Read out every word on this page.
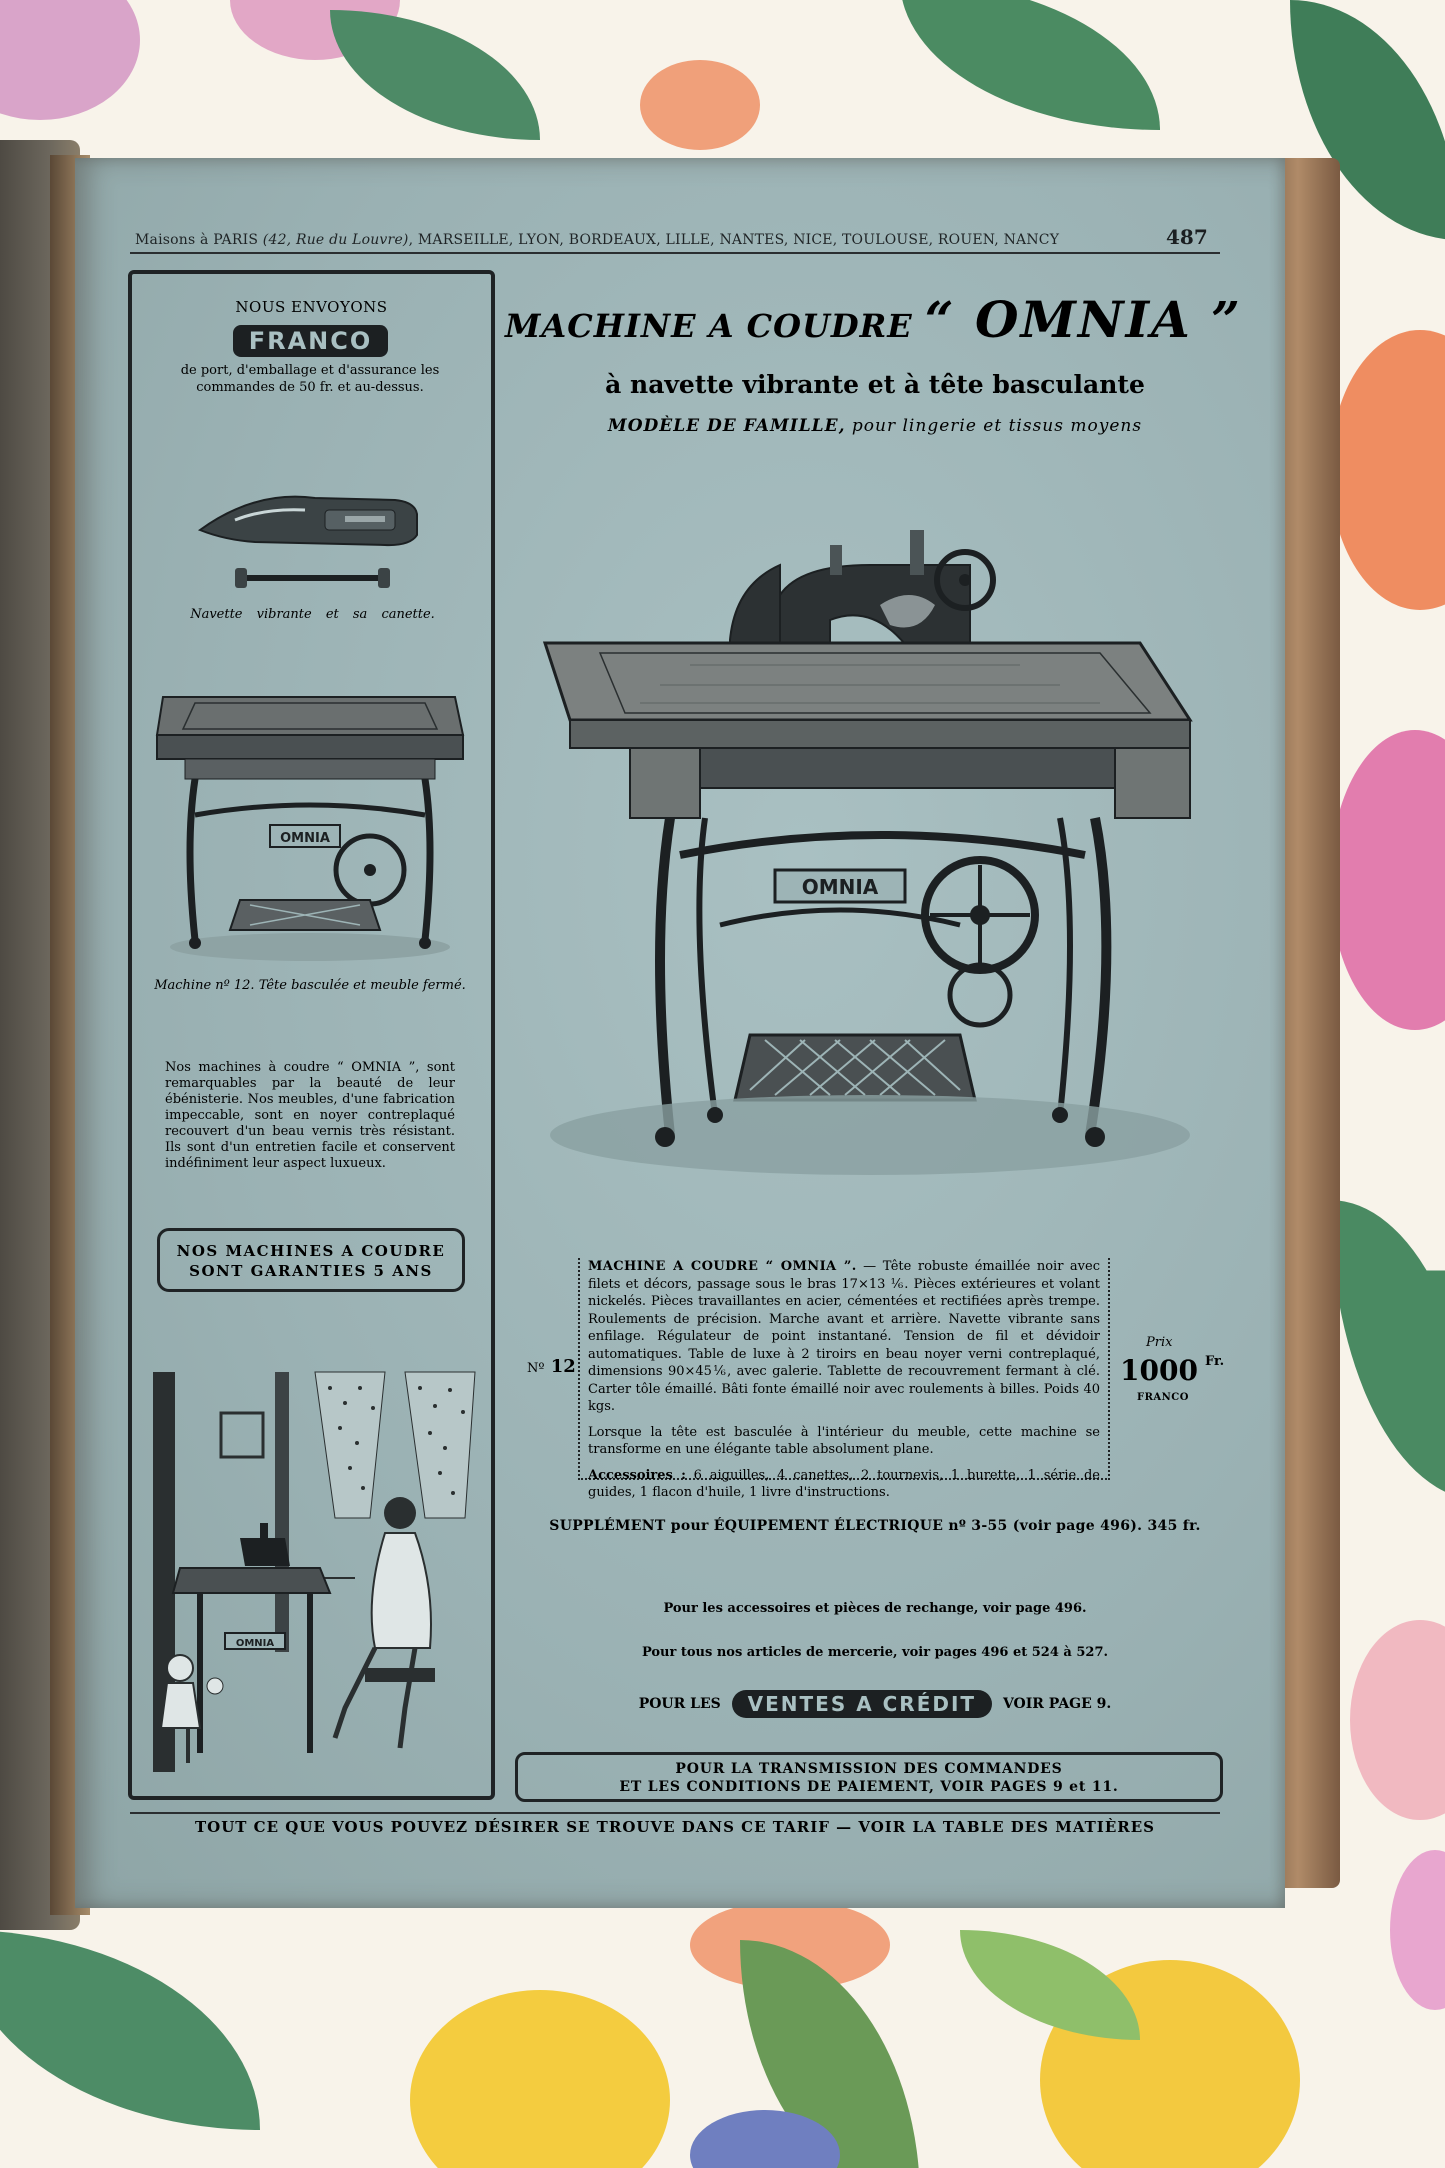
Maisons à PARIS (42, Rue du Louvre), MARSEILLE, LYON, BORDEAUX, LILLE, NANTES, NICE, TOULOUSE, ROUEN, NANCY	487
NOUS ENVOYONS
FRANCO
de port, d'emballage et d'assurance les commandes de 50 fr. et au-dessus.
Navette vibrante et sa canette.
OMNIA
Machine nº 12. Tête basculée et meuble fermé.
Nos machines à coudre “ OMNIA ”, sont remarquables par la beauté de leur ébénisterie. Nos meubles, d'une fabrication impeccable, sont en noyer contreplaqué recouvert d'un beau vernis très résistant. Ils sont d'un entretien facile et conservent indéfiniment leur aspect luxueux.
NOS MACHINES A COUDRE
SONT GARANTIES 5 ANS
OMNIA
MACHINE A COUDRE “ OMNIA ”
à navette vibrante et à tête basculante
MODÈLE DE FAMILLE, pour lingerie et tissus moyens
OMNIA
Nº 12
MACHINE A COUDRE “ OMNIA ”. — Tête robuste émaillée noir avec filets et décors, passage sous le bras 17×13 ⅙. Pièces extérieures et volant nickelés. Pièces travaillantes en acier, cémentées et rectifiées après trempe. Roulements de précision. Marche avant et arrière. Navette vibrante sans enfilage. Régulateur de point instantané. Tension de fil et dévidoir automatiques. Table de luxe à 2 tiroirs en beau noyer verni contreplaqué, dimensions 90×45⅙, avec galerie. Tablette de recouvrement fermant à clé. Carter tôle émaillé. Bâti fonte émaillé noir avec roulements à billes. Poids 40 kgs.
Lorsque la tête est basculée à l'intérieur du meuble, cette machine se transforme en une élégante table absolument plane.
Accessoires : 6 aiguilles, 4 canettes, 2 tournevis, 1 burette, 1 série de guides, 1 flacon d'huile, 1 livre d'instructions.
Prix
1000 Fr.
FRANCO
SUPPLÉMENT pour ÉQUIPEMENT ÉLECTRIQUE nº 3-55 (voir page 496). 345 fr.
Pour les accessoires et pièces de rechange, voir page 496.
Pour tous nos articles de mercerie, voir pages 496 et 524 à 527.
POUR LES VENTES A CRÉDIT VOIR PAGE 9.
POUR LA TRANSMISSION DES COMMANDES
ET LES CONDITIONS DE PAIEMENT, VOIR PAGES 9 et 11.
TOUT CE QUE VOUS POUVEZ DÉSIRER SE TROUVE DANS CE TARIF — VOIR LA TABLE DES MATIÈRES
